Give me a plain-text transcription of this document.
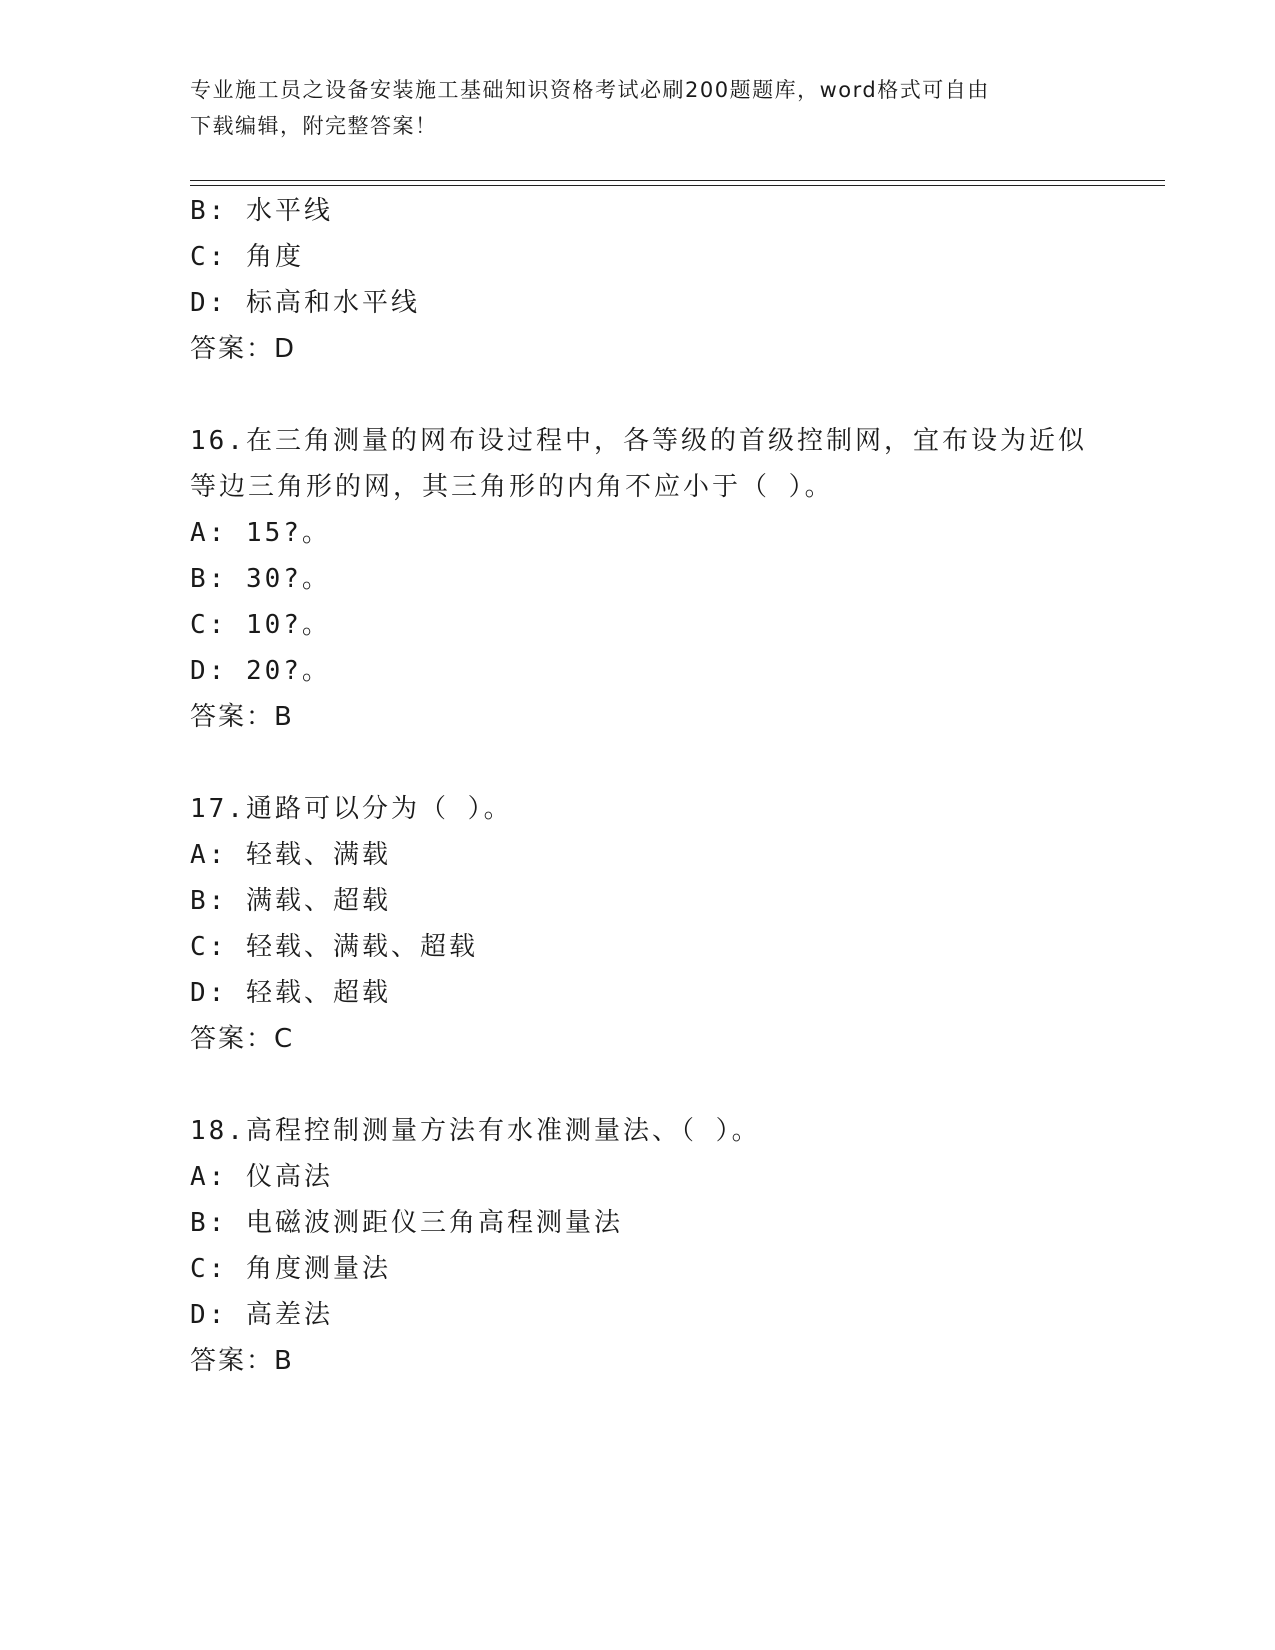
专业施工员之设备安装施工基础知识资格考试必刷200题题库，word格式可自由
下载编辑，附完整答案！
B: 水平线
C: 角度
D: 标高和水平线
答案：D
16.在三角测量的网布设过程中，各等级的首级控制网，宜布设为近似
等边三角形的网，其三角形的内角不应小于（ ）。
A: 15?。
B: 30?。
C: 10?。
D: 20?。
答案：B
17.通路可以分为（ ）。
A: 轻载、满载
B: 满载、超载
C: 轻载、满载、超载
D: 轻载、超载
答案：C
18.高程控制测量方法有水准测量法、（ ）。
A: 仪高法
B: 电磁波测距仪三角高程测量法
C: 角度测量法
D: 高差法
答案：B
